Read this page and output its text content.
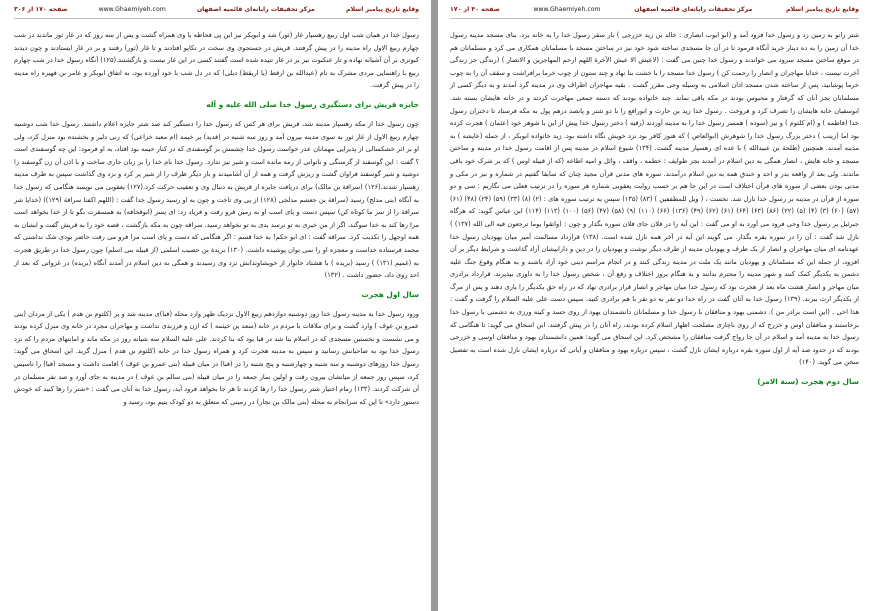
وقایع تاریخ پیامبر اسلام
مرکز تحقیقات رایانه‌ای قائمیه اصفهان
www.Ghaemiyeh.com
صفحه ۱۷۰ از ۳۰۶

رسول خدا در همان شب اول ربیع رهسپار غار (ثور) شد و ابوبکر نیز این پی فحاظه با وی همراه گشت و پس از سه روز که در غار ثور ماندند در شب چهارم ربیع الاول راه مدینه را در پیش گرفتند. قریش در جستجوی وی سخت در تکاپو افتادند و تا غار (ثور) رفتند و بر در غار ایستادند و چون دیدند کبوتری بر آن آشیانه نهاده و تار عنکبوت نیز بر در غار تنیده شده است گفتند کسی در این غار نیست و بازگشتند.(۱۲۵) آنگاه رسول خدا در شب چهارم ربیع با راهنمایی مردی مشرک به نام (عبدالله بن ارقط (یا اریقط) دیلی) که در دل شب با خود آورده بود، به اتفاق ابوبکر و عامر بن فهیره راه مدینه را در پیش گرفت.

جایزه قریش برای دستگیری رسول خدا صلی الله علیه و آله

چون رسول خدا از مکه رهسپار مدینه شد، قریش برای هر کس که رسول خدا را دستگیر کند صد شتر جایزه اعلام داشتند. رسول خدا شب دوشنبه چهارم ربیع الاول از غار ثور به سوی مدینه بیرون آمد و روز سه شنبه در (قدید) بر خیمه (ام معبد خزاعی) که زنی دلیر و بخشنده بود منزل کرد، ولی او بر اثر خشکسالی از پذیرایی مهمانان عذر خواست رسول خدا چشمش بر گوسفندی که در کنار خیمه بود افتاد، به او فرمود: این چه گوسفندی است ؟ گفت : این گوسفند از گرسنگی و ناتوانی از رمه مانده است و شیر نیز ندارد. رسول خدا نام خدا را بر زبان جاری ساخت و با اذن آن زن گوسفند را دوشید و شیر گوسفند فراوان گشت و ریزش گرفت و همه از آن آشامیدند و بار دیگر ظرف را از شیر پر کرد و نزد وی گذاشت سپس به طرف مدینه رهسپار شدند.(۱۲۶) (سراقة بن مالک) برای دریافت جایزه از قریش به دنبال وی و تعقیب حرکت کرد.(۱۲۷) یعقوبی می نویسد هنگامی که رسول خدا به آنگاه (بنی مدلج) رسید (سراقة بن جعشم مدلجی (۱۲۸) از پی وی تاخت و چون به او رسید رسول خدا گفت : (اللهم اکفنا سراقة (۱۲۹)) (خدایا شر سراقة را از سر ما کوتاه کن) سپس دست و پای اسب او به زمین فرو رفت و فریاد زد: ای پسر (ابوقحافه) به همسفرت بگو تا از خدا بخواهد اسب مرا رها کند به خدا سوگند، اگر از من خیری به تو نرسد بدی به تو نخواهد رسید. سراقه چون به مکه بازگشت ، قصه خود را به قریش گفت و ایشان به همه اوجهل را تکذیب کرد. سراقه گفت : ای ابو حکم! به خدا قسم : اگر هنگامی که دست و پای اسب مرا فرو می رفت حاضر بودی شک نداشتی که محمد فرستاده خداست و معجزه او را نمی توان پوشیده داشت. (۱۳۰) بریدة بن حصیب اسلمی (از قبیله بنی اسلم) چون رسول خدا در طریق هجرت به (غمیم (۱۳۱) ) رسید (بریده ) با هشتاد خانوار از خویشاوندانش نزد وی رسیدند و همگی به دین اسلام در آمدند آنگاه (بریده) در غزواتی که بعد از احد روی داد، حضور داشت . (۱۳۲)

سال اول هجرت

ورود رسول خدا به مدینه رسول خدا روز دوشنبه دوازدهم ربیع الاول نزدیک ظهر وارد محله (قبا)ی مدینه شد و بر (کلثوم بن هدم ) یکی از مردان (بنی عمرو بن عوف ) وارد گشت و برای ملاقات با مردم در خانه (سعد بن خیثمه ) که ازن و فرزندی نداشت و مهاجران مجرد در خانه وی منزل کرده بودند و می نشست و نخستین مسجدی که در اسلام بنا شد در قبا بود که بنا کردند. علی علیه السلام سه شبانه روز در مکه ماند و امانتهای مردم را که نزد رسول خدا بود به صاحبانش رسانید و سپس به مدینه هجرت کرد و همراه رسول خدا در خانه (کلثوم بن هدم ) منزل گزید. ابن اسحاق می گوید: رسول خدا روزهای دوشنبه و سه شنبه و چهارشنبه و پنج شنبه را در (قبا) در میان قبیله (بنی عمرو بن عوف ) اقامت داشت و مسجد (قبا) را تاسیس کرد، سپس روز جمعه از میانشان بیرون رفت و اولین نماز جمعه را در میان قبیله (بنی سالم بن عوف ) در مدینه به جای آورد و صد نفر مسلمان در آن شرکت کردند. (۱۳۳) زمام اختیار شتر رسول خدا را رها کردند تا هر جا بخواهد فرود آید، رسول خدا به آنان می گفت : «شتر را رها کنید که خودش دستور دارد» تا این که سرانجام به محله (بنی مالک بن نجار) در زمینی که متعلق به دو کودک یتیم بود، رسید و

وقایع تاریخ پیامبر اسلام
مرکز تحقیقات رایانه‌ای قائمیه اصفهان
www.Ghaemiyeh.com
صفحه ۴۰ از ۱۷۰

شتر زانو به زمین زد و رسول خدا فرود آمد و (ابو ایوب انصاری : خالد بن زید خزرجی ) بار سفر رسول خدا را به خانه برد. بنای مسجد مدینه رسول خدا آن زمین را به ده دینار خرید آنگاه فرمود تا در آن جا مسجدی ساخته شود خود نیز در ساختن مسجد با مسلمانان همکاری می کرد و مسلمانان هم در موقع ساختن مسجد سرود می خواندند و رسول خدا چنین می گفت : (لاعیش الا عیش الآخرة اللهم ارحم المهاجرین و الانصار ) (زندگی جز زندگی آخرت نیست ، خدایا مهاجران و انصار را رحمت کن ) رسول خدا مسجد را با خشت بنا نهاد و چند ستون از چوب خرما برافراشت و سقف آن را به چوب خرما پوشانید، پس از ساخته شدن مسجد اذان اسلامی به وسیله وحی مقرر گشت . بقیه مهاجران اطراف وی در مدینه گرد آمدند و به دیگر کسی از مسلمانان بجز آنان که گرفتار و محبوس بودند در مکه باقی نماند. چند خانواده بودند که دسته جمعی مهاجرت کردند و در خانه هایشان بسته شد. ابوسفیان خانه هایشان را تصرف کرد و فروخت . رسول خدا زید بن حارث و ابورافع را با دو شتر و پانصد درهم پول به مکه فرستاد تا دختران رسول خدا (فاطمه ) و (ام کلثوم ) و نیز (سوده ) همسر رسول خدا را به مدینه آوردند (رقیه ) دختر رسول خدا پیش از این با شوهر خود (عثمان ) هجرت کرده بود اما (زینب ) دختر بزرگ رسول خدا را شوهرش (ابوالعاص ) که هنوز کافر بود نزد خویش نگاه داشته بود. زید خانواده ابوبکر ، از جمله (عایشه ) به مدینه آمدند. همچنین (طلحة بن عبیدالله ) با عده ای رهسپار مدینه گشت. (۱۳۴) شیوع اسلام در مدینه پس از اقامت رسول خدا در مدینه و ساختن مسجد و خانه هایش ، انصار همگی به دین اسلام در آمدند بجز طوایف : خطمه ، واقف ، وائل و امیه اطاعه (که از قبیله اوس ) که بر شرک خود باقی ماندند. ولی بعد از واقعه بدر و احد و خندق همه به دین اسلام درآمدند. سوره های مدنی قرآن مجید چنان که سابقا گفتیم در شماره و نیز در مکی و مدنی بودن بعضی از سوره های قرآن اختلاف است در این جا هم بر حسب روایت یعقوبی شماره هر سوره را در ترتیب فعلی می نگاریم : سی و دو سوره از قرآن در مدینه بر رسول خدا نازل شد. نخست ، ( ویل للمطففین ) (۸۳) (۱۳۵) سپس به ترتیب سوره های : (۲) (۸) (۳۳) (۵۹) (۲۴) (۴۸) (۶۱) (۵۷) (۶۰) (۳) (۴) (۵) (۲۲) (۸۶) (۶۳) (۶۴) (۶۱) (۶۲) (۴۹) (۱۳۶) (۶۶) (۱۱۰) (۹) (۵۸) (۴۷) (۵۶) (۱۰۰) (۱۱۳) (۱۱۴) ابن عباس گوید: که هرگاه جبرئیل بر رسول خدا وحی فرود می آورد به او می گفت : این آیه را در فلان جای فلان سوره بگذار و چون : (واتقوا یوما ترجعون فیه الی الله (۱۳۷) ) نازل شد گفت : آن را در سوره بقره بگذار. می گویند این آیه در آخر همه نازل شده است. (۱۳۸) قرارداد مسالمت آمیز میان یهودیان رسول خدا عهدنامه ای میان مهاجران و انصار از یک طرف و یهودیان مدینه از طرف دیگر نوشت و یهودیان را در دین و داراییشان آزاد گذاشت و شرایط دیگر بر آن افزود، از جمله این که مسلمانان و یهودیان مانند یک ملت در مدینه زندگی کنند و در انجام مراسم دینی خود آزاد باشند و به هنگام وقوع جنگ علیه دشمن به یکدیگر کمک کنند و شهر مدینه را محترم بدانند و به هنگام بروز اختلاف و رفع آن ، شخص رسول خدا را به داوری بپذیرند. قرارداد برادری میان مهاجر و انصار هشت ماه بعد از هجرت بود که رسول خدا میان مهاجر و انصار قرار برادری نهاد که در راه حق یکدیگر را یاری دهند و پس از مرگ از یکدیگر ارث ببرند. (۱۳۹) رسول خدا به آنان گفت در راه خدا دو نفر به دو نفر با هم برادری کنید، سپس دست علی علیه السلام را گرفت و گفت : هذا اخی . (این است برادر من ). دشمنی یهود و منافقان با رسول خدا و مسلمانان دانشمندان یهود از روی حسد و کینه ورزی به دشمنی با رسول خدا برخاستند و منافقان اوس و خزرج که از روی ناچاری مصلحت اظهار اسلام کرده بودند، راه آنان را در پیش گرفتند. ابن اسحاق می گوید: تا هنگامی که رسول خدا به مدینه آمد و اسلام در آن جا رواج گرفت منافقان را مشخص کرد. ابن اسحاق می گوید: همین دانشمندان یهود و منافقان اوسی و خزرجی بودند که در حدود صد آیه از اول سوره بقره درباره ایشان نازل گشت ، سپس درباره یهود و منافقان و آیاتی که درباره ایشان نازل شده است به تفصیل سخن می گوید. (۱۴۰)

سال دوم هجرت (سنة الامر)
